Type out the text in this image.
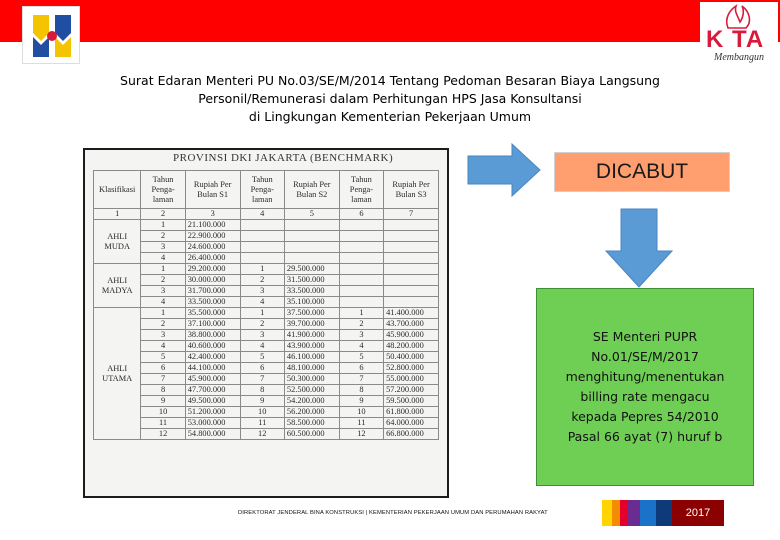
K TA
Membangun
Surat Edaran Menteri PU No.03/SE/M/2014 Tentang Pedoman Besaran Biaya Langsung
Personil/Remunerasi dalam Perhitungan HPS Jasa Konsultansi
di Lingkungan Kementerian Pekerjaan Umum
PROVINSI DKI JAKARTA (BENCHMARK)
Klasifikasi	Tahun Penga-laman	Rupiah Per Bulan S1	Tahun Penga-laman	Rupiah Per Bulan S2	Tahun Penga-laman	Rupiah Per Bulan S3
1	2	3	4	5	6	7
AHLI MUDA	1	21.100.000				
	2	22.900.000				
	3	24.600.000				
	4	26.400.000				
AHLI MADYA	1	29.200.000	1	29.500.000		
	2	30.000.000	2	31.500.000		
	3	31.700.000	3	33.500.000		
	4	33.500.000	4	35.100.000		
AHLI UTAMA	1	35.500.000	1	37.500.000	1	41.400.000
	2	37.100.000	2	39.700.000	2	43.700.000
	3	38.800.000	3	41.900.000	3	45.900.000
	4	40.600.000	4	43.900.000	4	48.200.000
	5	42.400.000	5	46.100.000	5	50.400.000
	6	44.100.000	6	48.100.000	6	52.800.000
	7	45.900.000	7	50.300.000	7	55.000.000
	8	47.700.000	8	52.500.000	8	57.200.000
	9	49.500.000	9	54.200.000	9	59.500.000
	10	51.200.000	10	56.200.000	10	61.800.000
	11	53.000.000	11	58.500.000	11	64.000.000
	12	54.800.000	12	60.500.000	12	66.800.000
DICABUT
SE Menteri PUPR
No.01/SE/M/2017
menghitung/menentukan
billing rate mengacu
kepada Pepres 54/2010
Pasal 66 ayat (7) huruf b
DIREKTORAT JENDERAL BINA KONSTRUKSI | KEMENTERIAN PEKERJAAN UMUM DAN PERUMAHAN RAKYAT	2017
